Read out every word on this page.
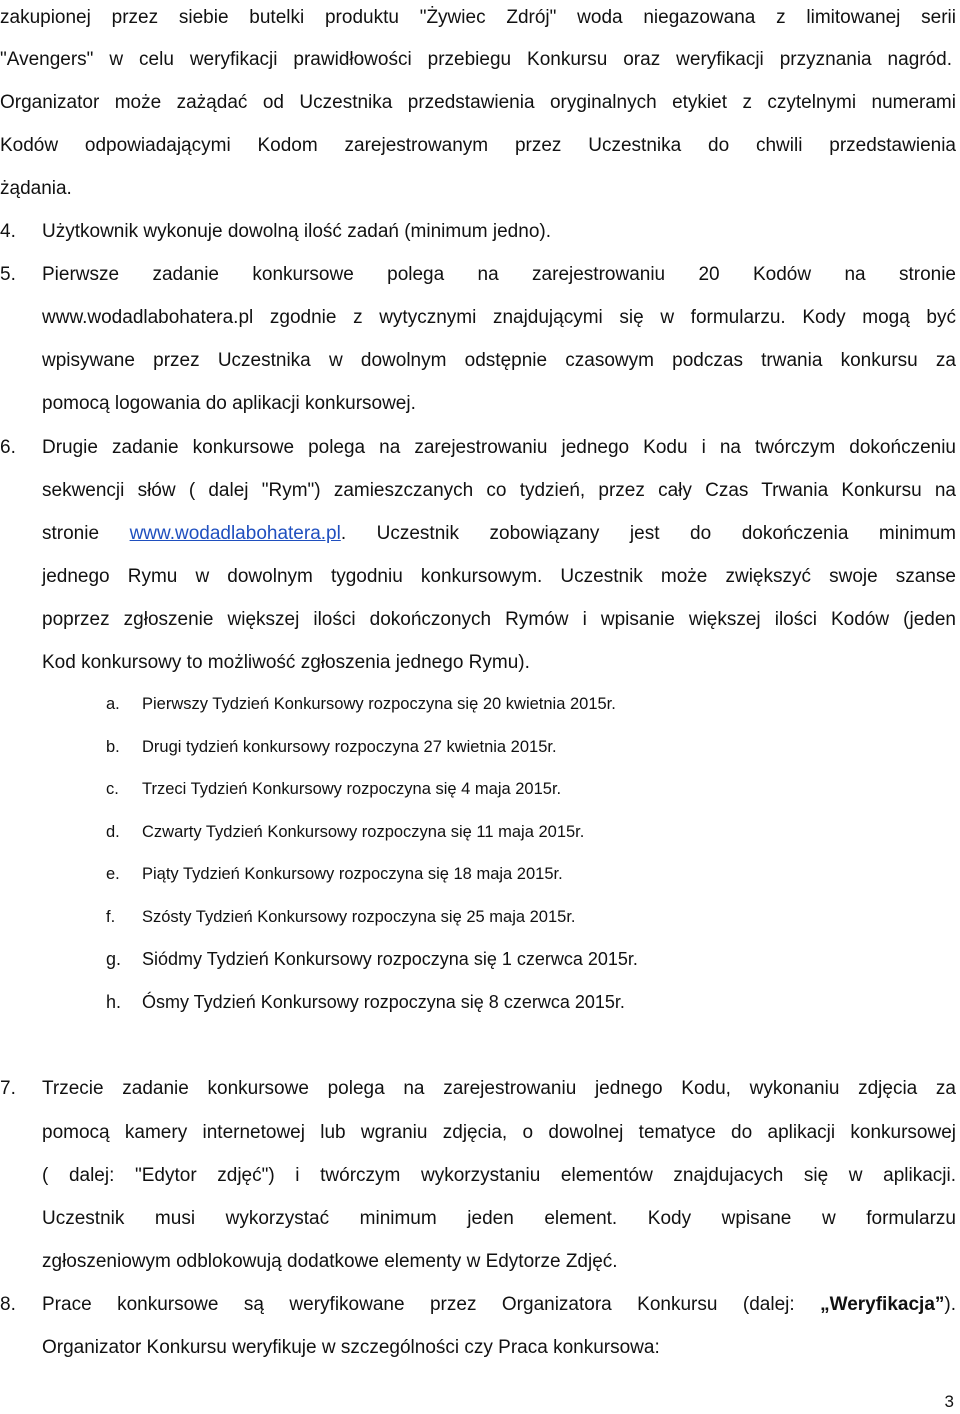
zakupionej przez siebie butelki produktu "Żywiec Zdrój" woda niegazowana z limitowanej serii
"Avengers" w celu weryfikacji prawidłowości przebiegu Konkursu oraz weryfikacji przyznania nagród.
Organizator może zażądać od Uczestnika przedstawienia oryginalnych etykiet z czytelnymi numerami
Kodów odpowiadającymi Kodom zarejestrowanym przez Uczestnika do chwili przedstawienia
żądania.
4. Użytkownik wykonuje dowolną ilość zadań (minimum jedno).
5. Pierwsze zadanie konkursowe polega na zarejestrowaniu 20 Kodów na stronie
www.wodadlabohatera.pl zgodnie z wytycznymi znajdującymi się w formularzu. Kody mogą być
wpisywane przez Uczestnika w dowolnym odstępnie czasowym podczas trwania konkursu za
pomocą logowania do aplikacji konkursowej.
6. Drugie zadanie konkursowe polega na zarejestrowaniu jednego Kodu i na twórczym dokończeniu
sekwencji słów ( dalej "Rym") zamieszczanych co tydzień, przez cały Czas Trwania Konkursu na
stronie www.wodadlabohatera.pl. Uczestnik zobowiązany jest do dokończenia minimum
jednego Rymu w dowolnym tygodniu konkursowym. Uczestnik może zwiększyć swoje szanse
poprzez zgłoszenie większej ilości dokończonych Rymów i wpisanie większej ilości Kodów (jeden
Kod konkursowy to możliwość zgłoszenia jednego Rymu).
a. Pierwszy Tydzień Konkursowy rozpoczyna się 20 kwietnia 2015r.
b. Drugi tydzień konkursowy rozpoczyna 27 kwietnia 2015r.
c. Trzeci Tydzień Konkursowy rozpoczyna się 4 maja 2015r.
d. Czwarty Tydzień Konkursowy rozpoczyna się 11 maja 2015r.
e. Piąty Tydzień Konkursowy rozpoczyna się 18 maja 2015r.
f. Szósty Tydzień Konkursowy rozpoczyna się 25 maja 2015r.
g. Siódmy Tydzień Konkursowy rozpoczyna się 1 czerwca 2015r.
h. Ósmy Tydzień Konkursowy rozpoczyna się 8 czerwca 2015r.
7. Trzecie zadanie konkursowe polega na zarejestrowaniu jednego Kodu, wykonaniu zdjęcia za
pomocą kamery internetowej lub wgraniu zdjęcia, o dowolnej tematyce do aplikacji konkursowej
( dalej: "Edytor zdjęć") i twórczym wykorzystaniu elementów znajdujacych się w aplikacji.
Uczestnik musi wykorzystać minimum jeden element. Kody wpisane w formularzu
zgłoszeniowym odblokowują dodatkowe elementy w Edytorze Zdjęć.
8. Prace konkursowe są weryfikowane przez Organizatora Konkursu (dalej: „Weryfikacja”).
Organizator Konkursu weryfikuje w szczególności czy Praca konkursowa:
3
